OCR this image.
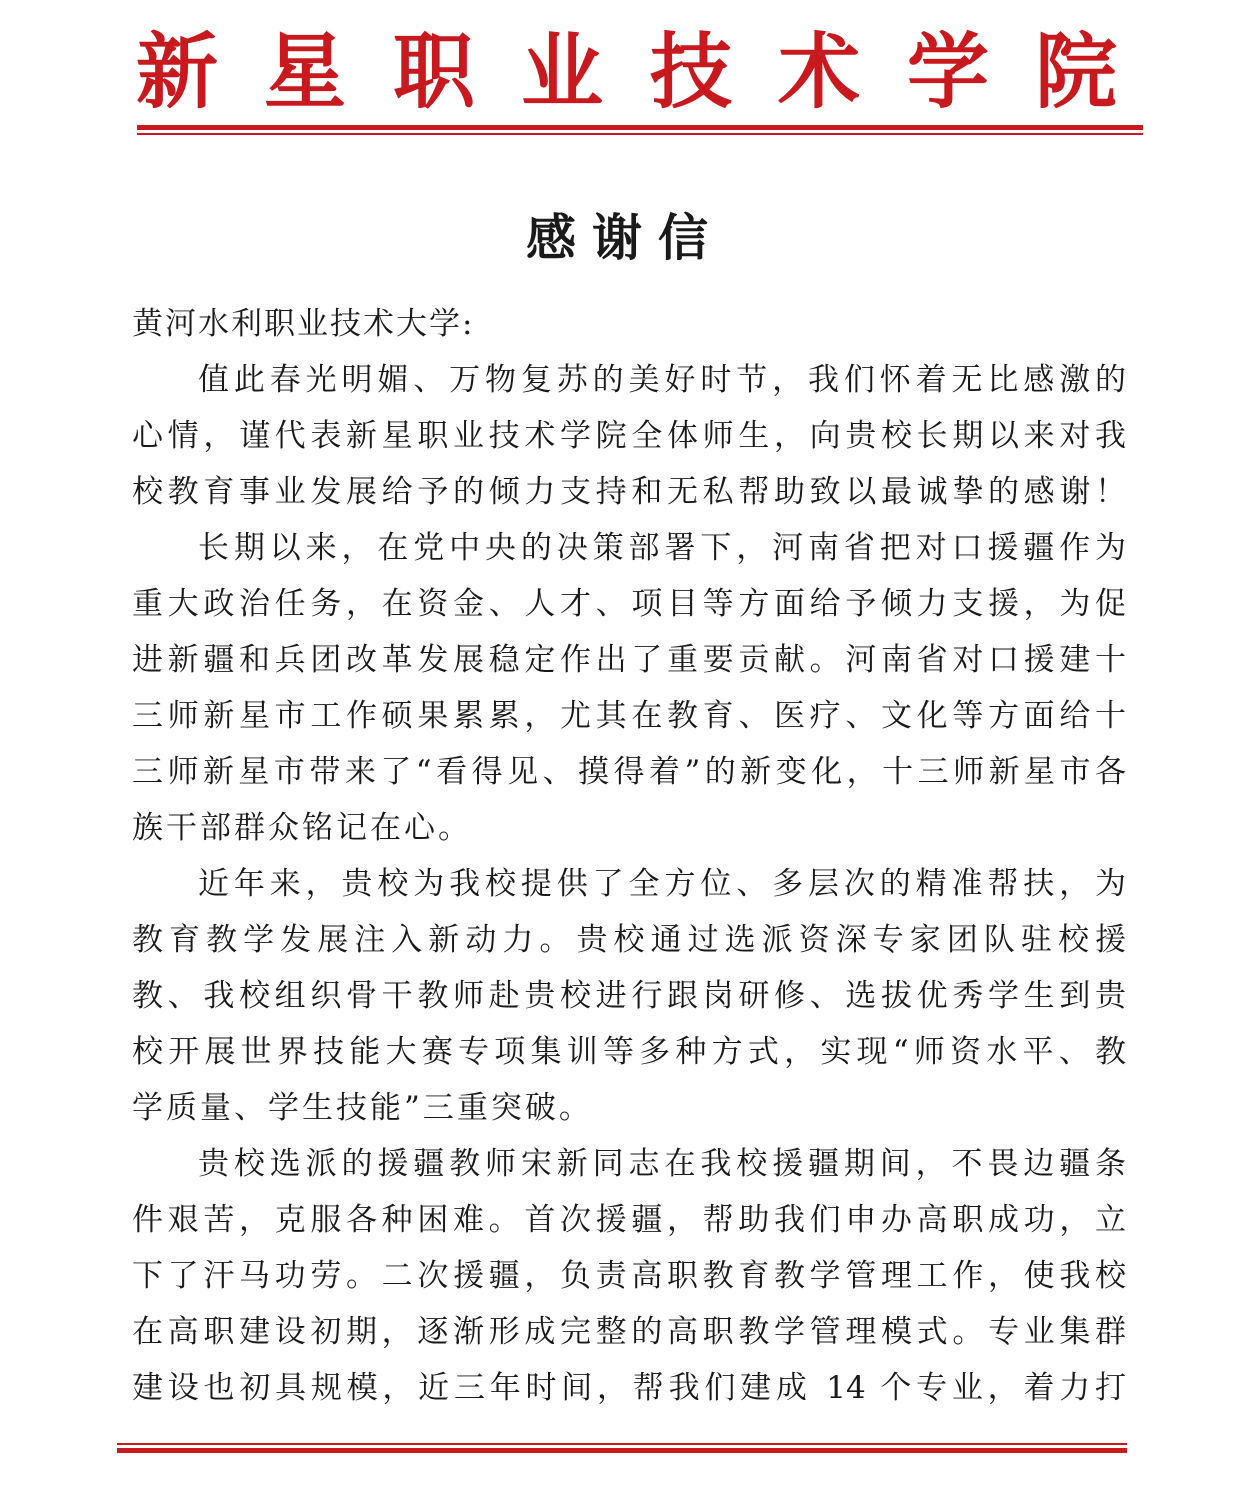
新 星 职 业 技 术 学 院
感谢信

黄河水利职业技术大学:

值此春光明媚、万物复苏的美好时节，我们怀着无比感激的
心情，谨代表新星职业技术学院全体师生，向贵校长期以来对我
校教育事业发展给予的倾力支持和无私帮助致以最诚挚的感谢！
长期以来，在党中央的决策部署下，河南省把对口援疆作为
重大政治任务，在资金、人才、项目等方面给予倾力支援，为促
进新疆和兵团改革发展稳定作出了重要贡献。河南省对口援建十
三师新星市工作硕果累累，尤其在教育、医疗、文化等方面给十
三师新星市带来了“看得见、摸得着”的新变化，十三师新星市各
族干部群众铭记在心。
近年来，贵校为我校提供了全方位、多层次的精准帮扶，为
教育教学发展注入新动力。贵校通过选派资深专家团队驻校援
教、我校组织骨干教师赴贵校进行跟岗研修、选拔优秀学生到贵
校开展世界技能大赛专项集训等多种方式，实现“师资水平、教
学质量、学生技能”三重突破。
贵校选派的援疆教师宋新同志在我校援疆期间，不畏边疆条
件艰苦，克服各种困难。首次援疆，帮助我们申办高职成功，立
下了汗马功劳。二次援疆，负责高职教育教学管理工作，使我校
在高职建设初期，逐渐形成完整的高职教学管理模式。专业集群
建设也初具规模，近三年时间，帮我们建成 14 个专业，着力打
